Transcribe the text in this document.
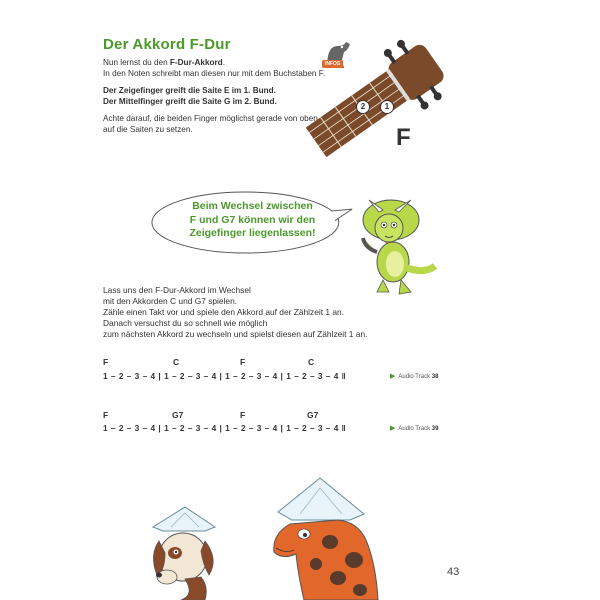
Der Akkord F-Dur
Nun lernst du den F-Dur-Akkord.
In den Noten schreibt man diesen nur mit dem Buchstaben F.
Der Zeigefinger greift die Saite E im 1. Bund.
Der Mittelfinger greift die Saite G im 2. Bund.
Achte darauf, die beiden Finger möglichst gerade von oben
auf die Saiten zu setzen.
INFOS
2	1
F
Beim Wechsel zwischen
F und G7 können wir den
Zeigefinger liegenlassen!
Lass uns den F-Dur-Akkord im Wechsel
mit den Akkorden C und G7 spielen.
Zähle einen Takt vor und spiele den Akkord auf der Zählzeit 1 an.
Danach versuchst du so schnell wie möglich
zum nächsten Akkord zu wechseln und spielst diesen auf Zählzeit 1 an.
F	C	F	C
1 – 2 – 3 – 4 | 1 – 2 – 3 – 4 | 1 – 2 – 3 – 4 | 1 – 2 – 3 – 4 ‖	▶ Audio Track 38
F	G7	F	G7
1 – 2 – 3 – 4 | 1 – 2 – 3 – 4 | 1 – 2 – 3 – 4 | 1 – 2 – 3 – 4 ‖	▶ Audio Track 39
43
